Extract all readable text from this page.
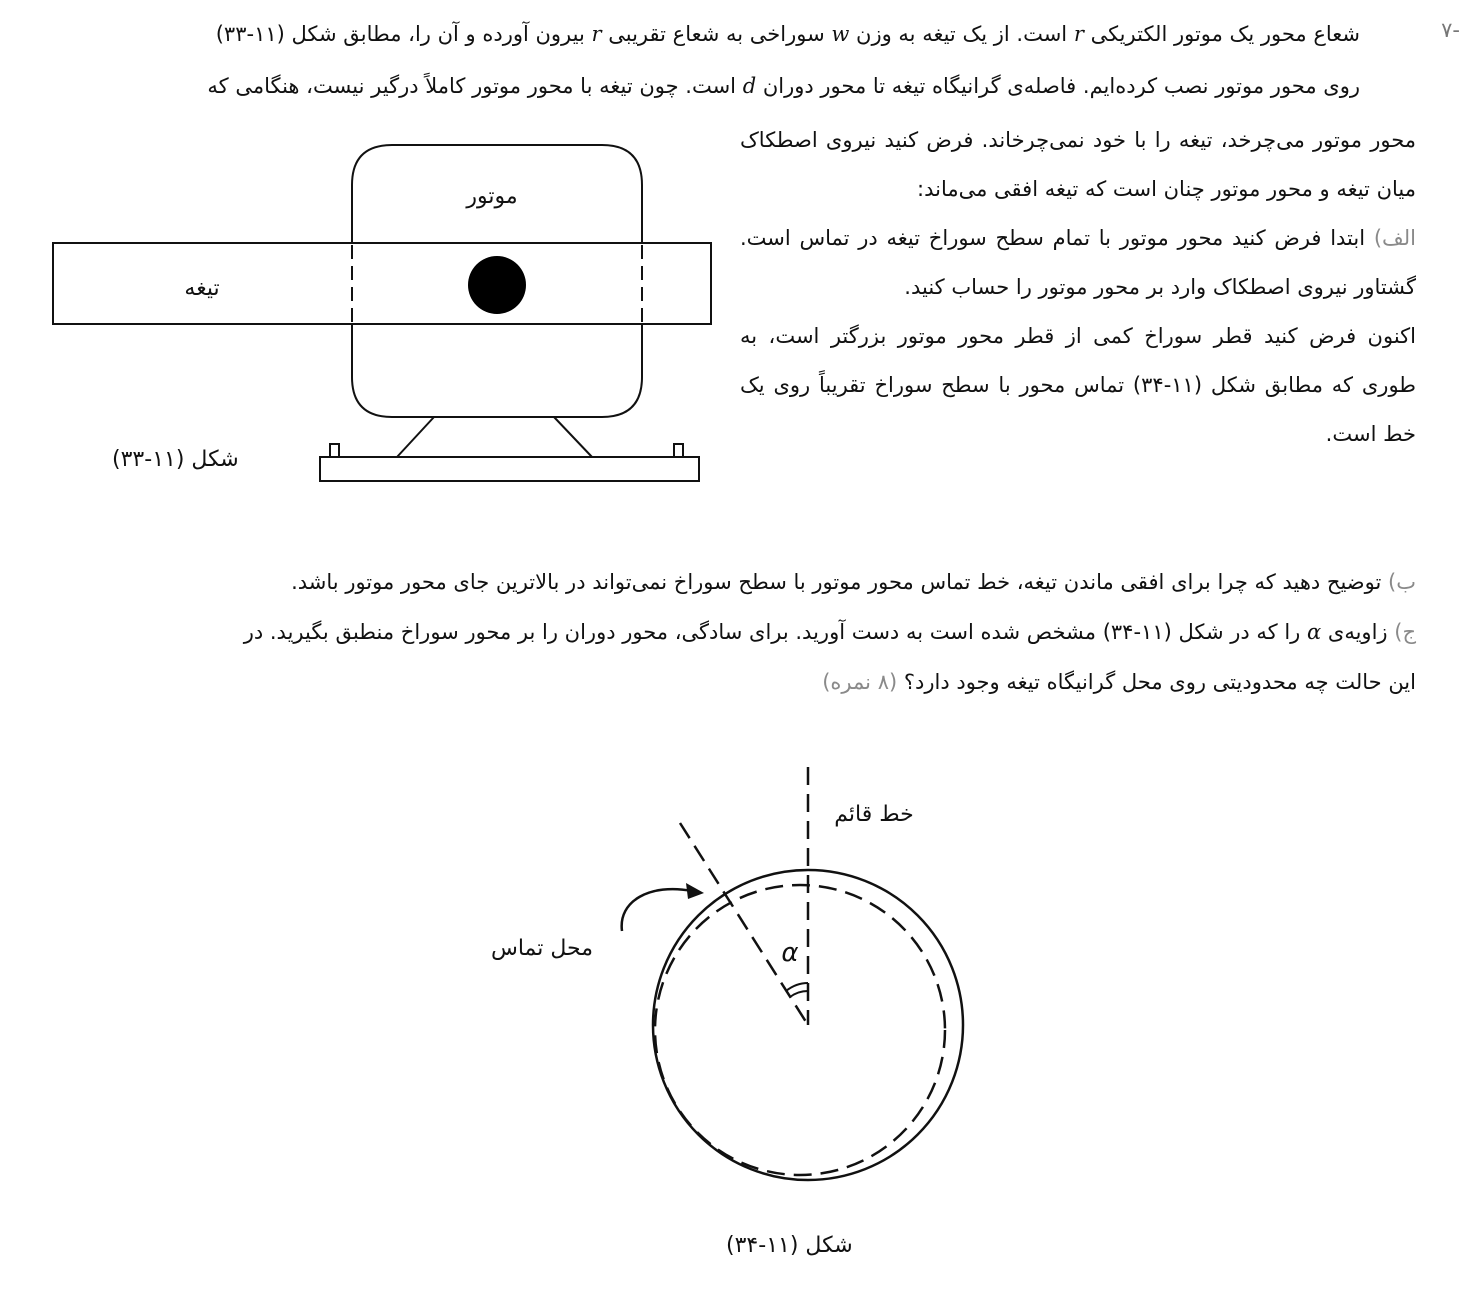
-۷
شعاع محور یک موتور الکتریکی r است. از یک تیغه به وزن w سوراخی به شعاع تقریبی r بیرون آورده و آن را، مطابق شکل (۱۱-۳۳)
روی محور موتور نصب کرده‌ایم. فاصله‌ی گرانیگاه تیغه تا محور دوران d است. چون تیغه با محور موتور کاملاً درگیر نیست، هنگامی که
محور موتور می‌چرخد، تیغه را با خود نمی‌چرخاند. فرض کنید نیروی اصطکاک میان تیغه و محور موتور چنان است که تیغه افقی می‌ماند:
الف) ابتدا فرض کنید محور موتور با تمام سطح سوراخ تیغه در تماس است. گشتاور نیروی اصطکاک وارد بر محور موتور را حساب کنید.
اکنون فرض کنید قطر سوراخ کمی از قطر محور موتور بزرگتر است، به طوری که مطابق شکل (۱۱-۳۴) تماس محور با سطح سوراخ تقریباً روی یک خط است.
موتور
تیغه
شکل (۱۱-۳۳)
ب) توضیح دهید که چرا برای افقی ماندن تیغه، خط تماس محور موتور با سطح سوراخ نمی‌تواند در بالاترین جای محور موتور باشد.
ج) زاویه‌ی α را که در شکل (۱۱-۳۴) مشخص شده است به دست آورید. برای سادگی، محور دوران را بر محور سوراخ منطبق بگیرید. در
این حالت چه محدودیتی روی محل گرانیگاه تیغه وجود دارد؟ (۸ نمره)
α
خط قائم
محل تماس
شکل (۱۱-۳۴)
